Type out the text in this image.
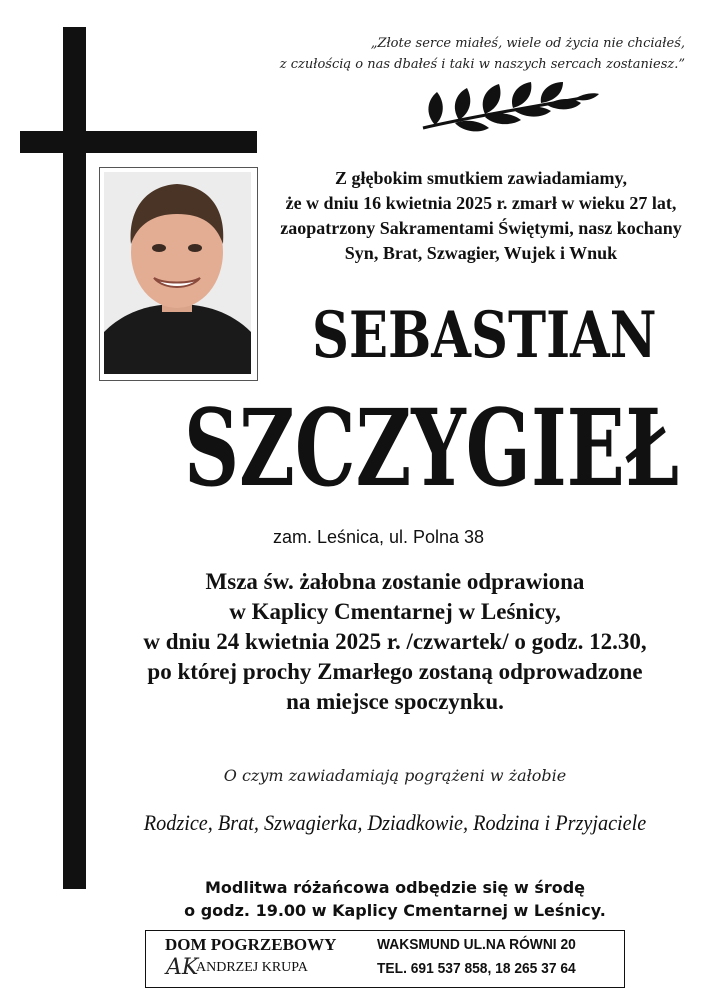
„Złote serce miałeś, wiele od życia nie chciałeś,
z czułością o nas dbałeś i taki w naszych sercach zostaniesz.”
Z głębokim smutkiem zawiadamiamy,
że w dniu 16 kwietnia 2025 r. zmarł w wieku 27 lat,
zaopatrzony Sakramentami Świętymi, nasz kochany
Syn, Brat, Szwagier, Wujek i Wnuk
SEBASTIAN
SZCZYGIEŁ
zam. Leśnica, ul. Polna 38
Msza św. żałobna zostanie odprawiona
w Kaplicy Cmentarnej w Leśnicy,
w dniu 24 kwietnia 2025 r. /czwartek/ o godz. 12.30,
po której prochy Zmarłego zostaną odprowadzone
na miejsce spoczynku.
O czym zawiadamiają pogrążeni w żałobie
Rodzice, Brat, Szwagierka, Dziadkowie, Rodzina i Przyjaciele
Modlitwa różańcowa odbędzie się w środę
o godz. 19.00 w Kaplicy Cmentarnej w Leśnicy.
DOM POGRZEBOWY
AK
ANDRZEJ KRUPA
WAKSMUND UL.NA RÓWNI 20
TEL. 691 537 858, 18 265 37 64
